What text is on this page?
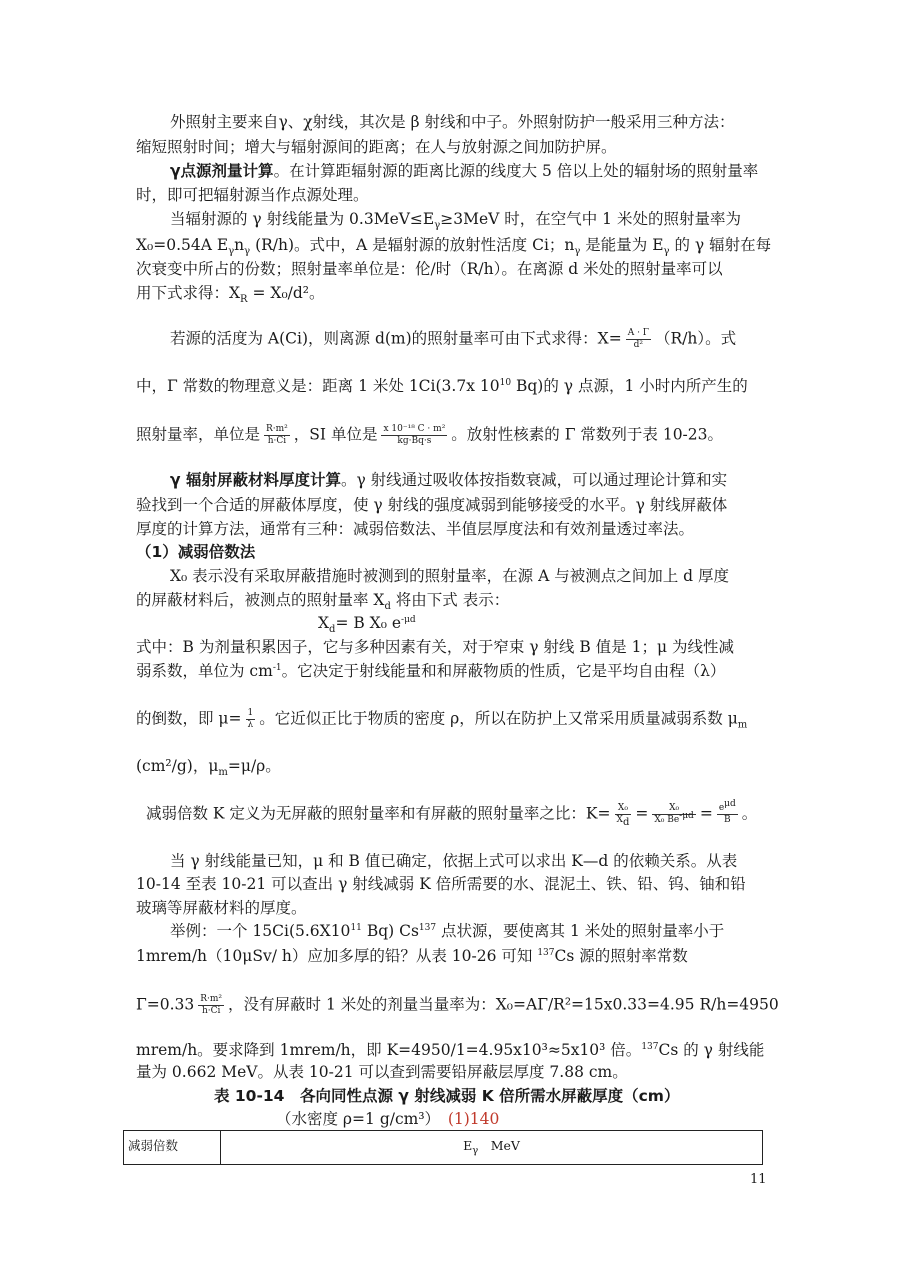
外照射主要来自γ、χ射线，其次是 β 射线和中子。外照射防护一般采用三种方法：
缩短照射时间；增大与辐射源间的距离；在人与放射源之间加防护屏。
γ点源剂量计算。在计算距辐射源的距离比源的线度大 5 倍以上处的辐射场的照射量率
时，即可把辐射源当作点源处理。
当辐射源的 γ 射线能量为 $0.3MeV\le E_\gamma\ge 3MeV$ 时，在空气中 1 米处的照射量率为
X₀=0.54A $E_\gamma n_\gamma$ (R/h)。式中，A 是辐射源的放射性活度 Ci；$n_\gamma$ 是能量为 $E_\gamma$ 的 γ 辐射在每
次衰变中所占的份数；照射量率单位是：伦/时（R/h）。在离源 d 米处的照射量率可以
用下式求得：$X_R = X_0/d^2$。
若源的活度为 A(Ci)，则离源 d(m)的照射量率可由下式求得：$X= \frac{A \cdot \Gamma}{\text{d²}} (R/h)$。式
中，Γ 常数的物理意义是：距离 1 米处 1Ci(3.7x $10^{10}$ Bq)的 γ 点源，1 小时内所产生的
照射量率，单位是 $\frac{\text{R·m²}}{h\cdot Ci}$ ，SI 单位是 $\frac{\text{x 10⁻¹⁸ C · m²}}{kg\cdot Bq\cdot s}$ 。放射性核素的 Γ 常数列于表 10-23。
γ 辐射屏蔽材料厚度计算。γ 射线通过吸收体按指数衰减，可以通过理论计算和实
验找到一个合适的屏蔽体厚度，使 γ 射线的强度减弱到能够接受的水平。γ 射线屏蔽体
厚度的计算方法，通常有三种：减弱倍数法、半值层厚度法和有效剂量透过率法。
（1）减弱倍数法
X₀ 表示没有采取屏蔽措施时被测到的照射量率，在源 A 与被测点之间加上 d 厚度
的屏蔽材料后，被测点的照射量率 $X_d$ 将由下式 表示：
$X_d= B$ X₀ $e^{-\mu d}$
式中：B 为剂量积累因子，它与多种因素有关，对于窄束 γ 射线 B 值是 1；μ 为线性减
弱系数，单位为 $cm^{-1}$。它决定于射线能量和和屏蔽物质的性质，它是平均自由程（λ）
的倒数，即 $\mu= \frac{1}{\lambda}$ 。它近似正比于物质的密度 ρ，所以在防护上又常采用质量减弱系数 $\mu_m$
(cm²/g)，$\mu_m=\mu/\rho$。
减弱倍数 K 定义为无屏蔽的照射量率和有屏蔽的照射量率之比：$K= \frac{\text{X₀}}{X_d} = \frac{\text{X₀}}{X_0 Be^{-\mu d}} = \frac{e^{\mu d}}{B}$ 。
当 γ 射线能量已知，μ 和 B 值已确定，依据上式可以求出 K—d 的依赖关系。从表
10-14 至表 10-21 可以查出 γ 射线减弱 K 倍所需要的水、混泥土、铁、铅、钨、铀和铅
玻璃等屏蔽材料的厚度。
举例：一个 $15Ci(5.6X10^{11}$ Bq) Cs$^{137}$ 点状源，要使离其 1 米处的照射量率小于
1mrem/h（10μSv/ h）应加多厚的铅？从表 10-26 可知 $^{137}$Cs 源的照射率常数
$\Gamma=0.33 \frac{\text{R·m²}}{h\cdot Ci}$ ，没有屏蔽时 1 米处的剂量当量率为：X₀=AΓ/R²=15x0.33=4.95 R/h=4950
mrem/h。要求降到 1mrem/h，即 K=4950/1=4.95x10³≈5x10³ 倍。$^{137}$Cs 的 γ 射线能
量为 0.662 MeV。从表 10-21 可以查到需要铅屏蔽层厚度 7.88 cm。
表 10-14　各向同性点源 γ 射线减弱 K 倍所需水屏蔽厚度（cm）
（水密度 ρ=1 g/cm³）　 (1)140
减弱倍数	$E_\gamma$　 MeV
11
